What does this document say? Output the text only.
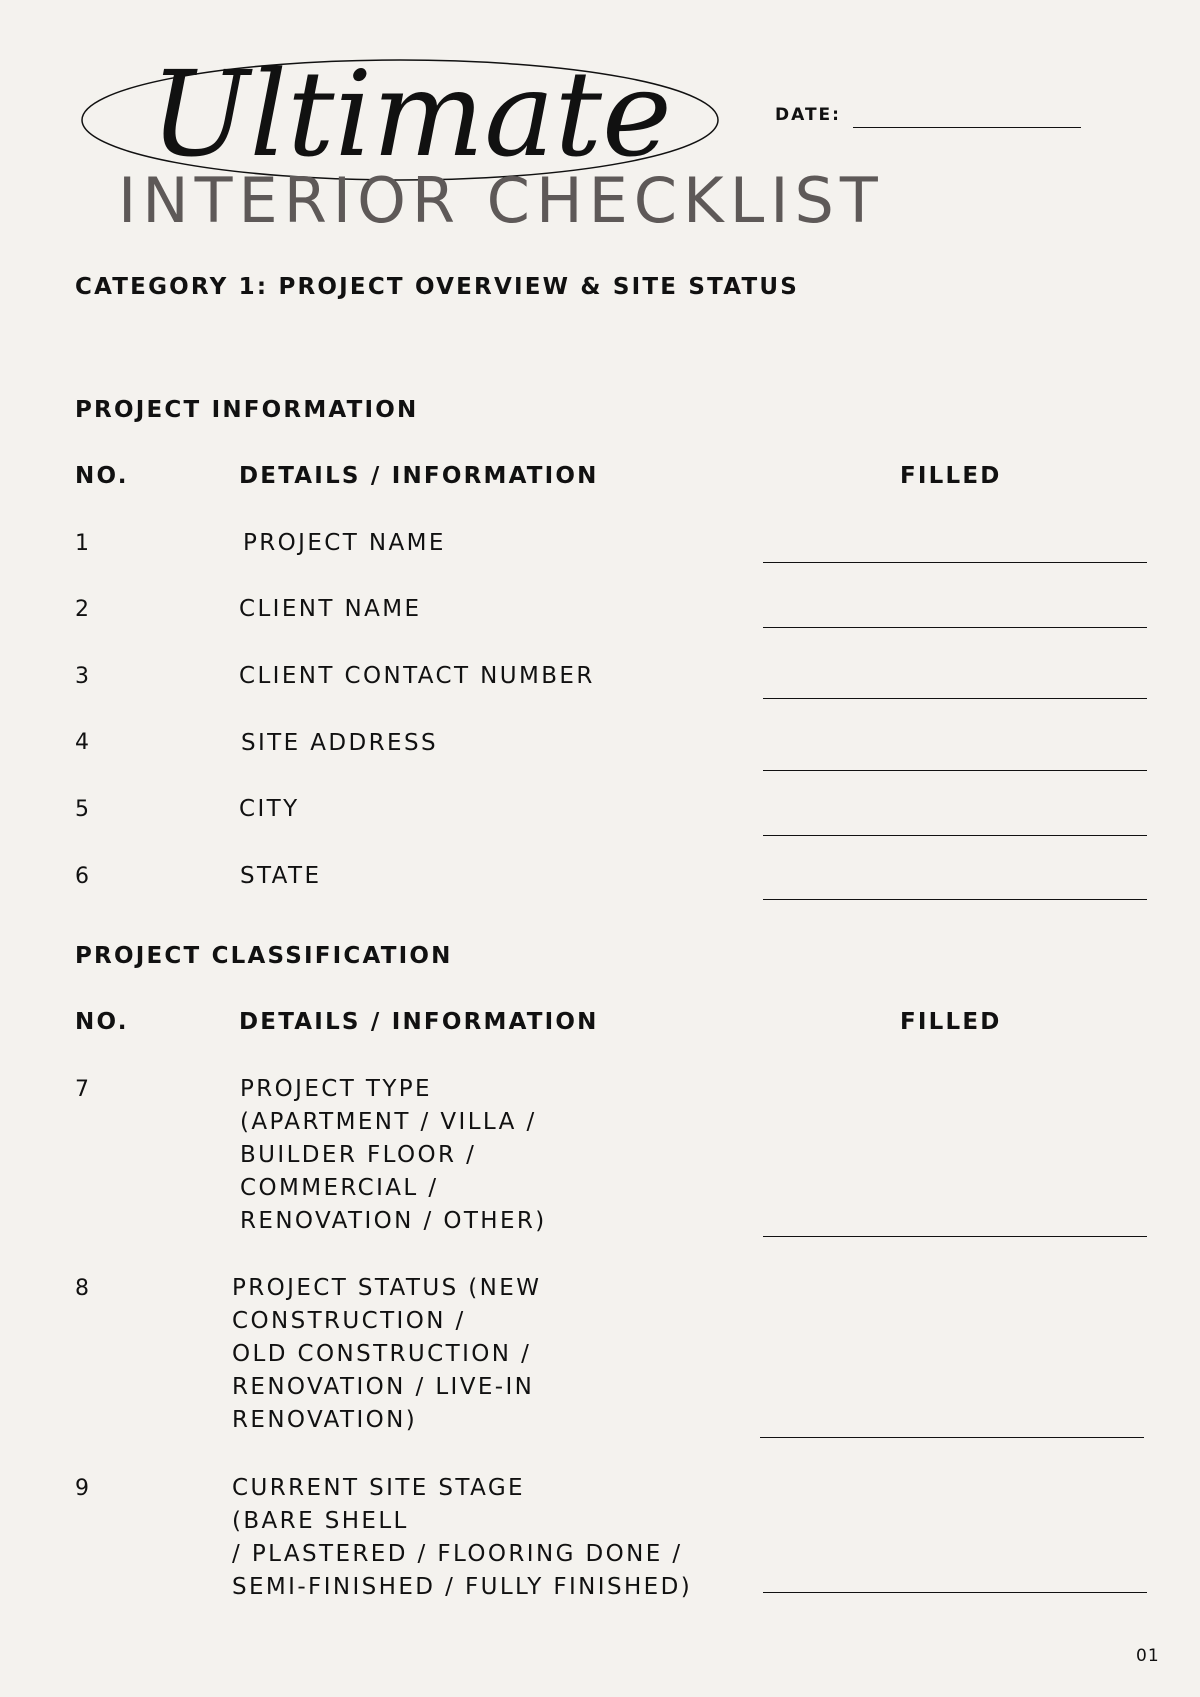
Ultimate
INTERIOR CHECKLIST
DATE:
CATEGORY 1: PROJECT OVERVIEW & SITE STATUS
PROJECT INFORMATION
NO.	DETAILS / INFORMATION	FILLED
1	PROJECT NAME
2	CLIENT NAME
3	CLIENT CONTACT NUMBER
4	SITE ADDRESS
5	CITY
6	STATE
PROJECT CLASSIFICATION
NO.	DETAILS / INFORMATION	FILLED
7	PROJECT TYPE
(APARTMENT / VILLA /
BUILDER FLOOR /
COMMERCIAL /
RENOVATION / OTHER)
8	PROJECT STATUS (NEW
CONSTRUCTION /
OLD CONSTRUCTION /
RENOVATION / LIVE-IN
RENOVATION)
9	CURRENT SITE STAGE
(BARE SHELL
/ PLASTERED / FLOORING DONE /
SEMI-FINISHED / FULLY FINISHED)
01
